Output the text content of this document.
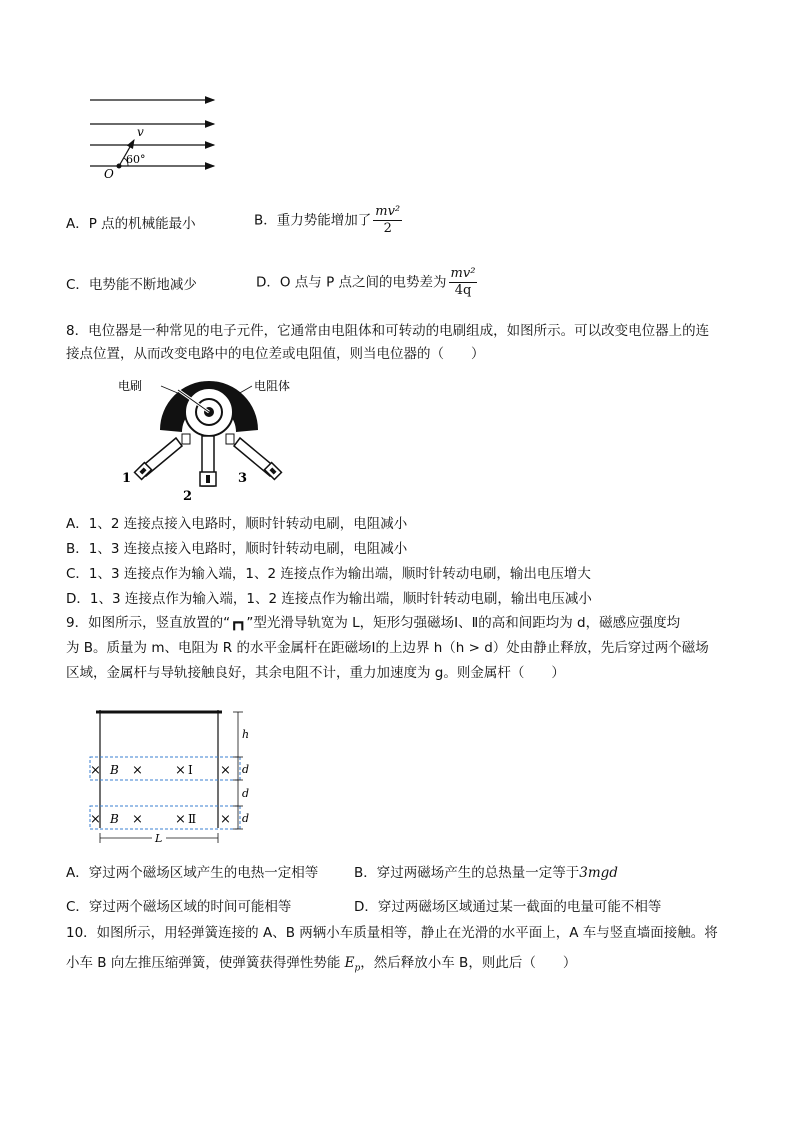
v
O
60°
A．P 点的机械能最小	B．重力势能增加了 $\frac{\text{mv²}}{2}$
C．电势能不断地减少	D．O 点与 P 点之间的电势差为 $\frac{\text{mv²}}{4q}$
8．电位器是一种常见的电子元件，它通常由电阻体和可转动的电刷组成，如图所示。可以改变电位器上的连
接点位置，从而改变电路中的电位差或电阻值，则当电位器的（　　）
电刷	电阻体
1
2
3
A．1、2 连接点接入电路时，顺时针转动电刷，电阻减小
B．1、3 连接点接入电路时，顺时针转动电刷，电阻减小
C．1、3 连接点作为输入端，1、2 连接点作为输出端，顺时针转动电刷，输出电压增大
D．1、3 连接点作为输入端，1、2 连接点作为输出端，顺时针转动电刷，输出电压减小
9．如图所示，竖直放置的“┏┓”型光滑导轨宽为 L，矩形匀强磁场Ⅰ、Ⅱ的高和间距均为 d，磁感应强度均
为 B。质量为 m、电阻为 R 的水平金属杆在距磁场Ⅰ的上边界 h（h > d）处由静止释放，先后穿过两个磁场
区域，金属杆与导轨接触良好，其余电阻不计，重力加速度为 g。则金属杆（　　）
× B × × Ⅰ ×
× B × × Ⅱ ×
h
d
d
d
L
A．穿过两个磁场区域产生的电热一定相等	B．穿过两磁场产生的总热量一定等于3mgd
C．穿过两个磁场区域的时间可能相等	D．穿过两磁场区域通过某一截面的电量可能不相等
10．如图所示，用轻弹簧连接的 A、B 两辆小车质量相等，静止在光滑的水平面上，A 车与竖直墙面接触。将
小车 B 向左推压缩弹簧，使弹簧获得弹性势能 $E_p$，然后释放小车 B，则此后（　　）
